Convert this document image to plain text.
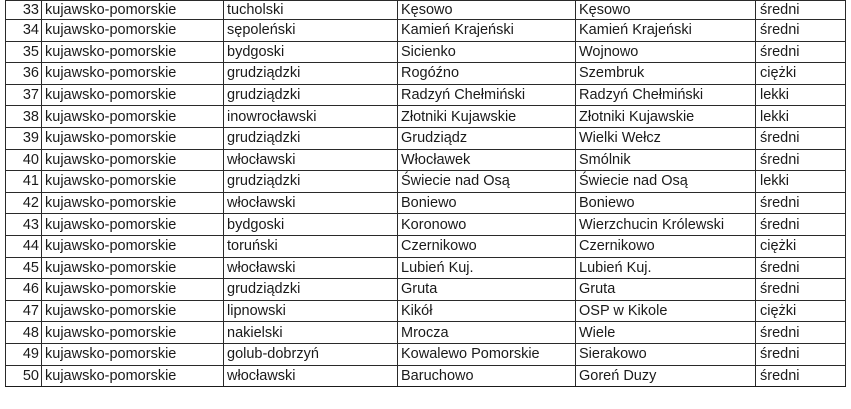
33	kujawsko-pomorskie	tucholski	Kęsowo	Kęsowo	średni
34	kujawsko-pomorskie	sępoleński	Kamień Krajeński	Kamień Krajeński	średni
35	kujawsko-pomorskie	bydgoski	Sicienko	Wojnowo	średni
36	kujawsko-pomorskie	grudziądzki	Rogóźno	Szembruk	ciężki
37	kujawsko-pomorskie	grudziądzki	Radzyń Chełmiński	Radzyń Chełmiński	lekki
38	kujawsko-pomorskie	inowrocławski	Złotniki Kujawskie	Złotniki Kujawskie	lekki
39	kujawsko-pomorskie	grudziądzki	Grudziądz	Wielki Wełcz	średni
40	kujawsko-pomorskie	włocławski	Włocławek	Smólnik	średni
41	kujawsko-pomorskie	grudziądzki	Świecie nad Osą	Świecie nad Osą	lekki
42	kujawsko-pomorskie	włocławski	Boniewo	Boniewo	średni
43	kujawsko-pomorskie	bydgoski	Koronowo	Wierzchucin Królewski	średni
44	kujawsko-pomorskie	toruński	Czernikowo	Czernikowo	ciężki
45	kujawsko-pomorskie	włocławski	Lubień Kuj.	Lubień Kuj.	średni
46	kujawsko-pomorskie	grudziądzki	Gruta	Gruta	średni
47	kujawsko-pomorskie	lipnowski	Kikół	OSP w Kikole	ciężki
48	kujawsko-pomorskie	nakielski	Mrocza	Wiele	średni
49	kujawsko-pomorskie	golub-dobrzyń	Kowalewo Pomorskie	Sierakowo	średni
50	kujawsko-pomorskie	włocławski	Baruchowo	Goreń Duzy	średni
